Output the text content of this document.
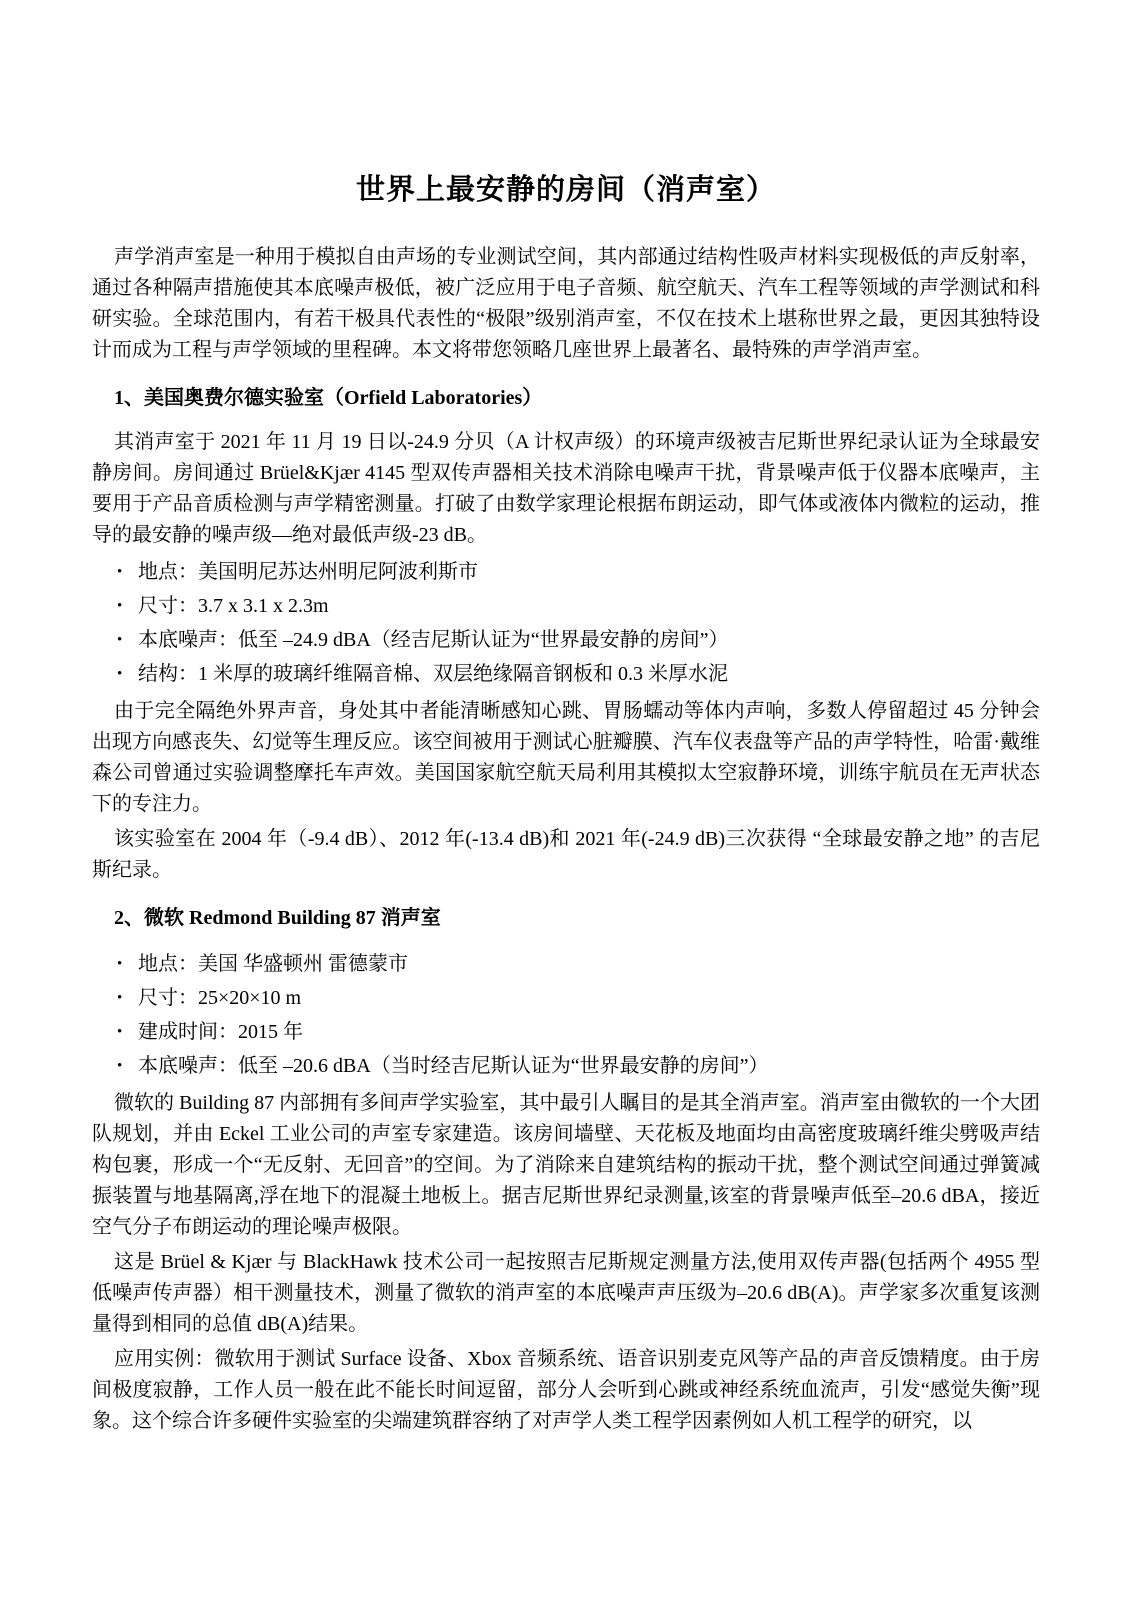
世界上最安静的房间（消声室）

声学消声室是一种用于模拟自由声场的专业测试空间，其内部通过结构性吸声材料实现极低的声反射率，通过各种隔声措施使其本底噪声极低，被广泛应用于电子音频、航空航天、汽车工程等领域的声学测试和科研实验。全球范围内，有若干极具代表性的“极限”级别消声室，不仅在技术上堪称世界之最，更因其独特设计而成为工程与声学领域的里程碑。本文将带您领略几座世界上最著名、最特殊的声学消声室。

1、美国奥费尔德实验室（Orfield Laboratories）

其消声室于 2021 年 11 月 19 日以-24.9 分贝（A 计权声级）的环境声级被吉尼斯世界纪录认证为全球最安静房间。房间通过 Brüel&Kjær 4145 型双传声器相关技术消除电噪声干扰，背景噪声低于仪器本底噪声，主要用于产品音质检测与声学精密测量。打破了由数学家理论根据布朗运动，即气体或液体内微粒的运动，推导的最安静的噪声级—绝对最低声级-23 dB。

• 地点：美国明尼苏达州明尼阿波利斯市
• 尺寸：3.7 x 3.1 x 2.3m
• 本底噪声：低至 –24.9 dBA（经吉尼斯认证为“世界最安静的房间”）
• 结构：1 米厚的玻璃纤维隔音棉、双层绝缘隔音钢板和 0.3 米厚水泥

由于完全隔绝外界声音，身处其中者能清晰感知心跳、胃肠蠕动等体内声响，多数人停留超过 45 分钟会出现方向感丧失、幻觉等生理反应。该空间被用于测试心脏瓣膜、汽车仪表盘等产品的声学特性，哈雷·戴维森公司曾通过实验调整摩托车声效。美国国家航空航天局利用其模拟太空寂静环境，训练宇航员在无声状态下的专注力。

该实验室在 2004 年（-9.4 dB）、2012 年(-13.4 dB)和 2021 年(-24.9 dB)三次获得 “全球最安静之地” 的吉尼斯纪录。

2、微软 Redmond Building 87 消声室
• 地点：美国 华盛顿州 雷德蒙市
• 尺寸：25×20×10 m
• 建成时间：2015 年
• 本底噪声：低至 –20.6 dBA（当时经吉尼斯认证为“世界最安静的房间”）

微软的 Building 87 内部拥有多间声学实验室，其中最引人瞩目的是其全消声室。消声室由微软的一个大团队规划，并由 Eckel 工业公司的声室专家建造。该房间墙壁、天花板及地面均由高密度玻璃纤维尖劈吸声结构包裹，形成一个“无反射、无回音”的空间。为了消除来自建筑结构的振动干扰，整个测试空间通过弹簧减振装置与地基隔离,浮在地下的混凝土地板上。据吉尼斯世界纪录测量,该室的背景噪声低至–20.6 dBA，接近空气分子布朗运动的理论噪声极限。

这是 Brüel & Kjær 与 BlackHawk 技术公司一起按照吉尼斯规定测量方法,使用双传声器(包括两个 4955 型低噪声传声器）相干测量技术，测量了微软的消声室的本底噪声声压级为–20.6 dB(A)。声学家多次重复该测量得到相同的总值 dB(A)结果。

应用实例：微软用于测试 Surface 设备、Xbox 音频系统、语音识别麦克风等产品的声音反馈精度。由于房间极度寂静，工作人员一般在此不能长时间逗留，部分人会听到心跳或神经系统血流声，引发“感觉失衡”现象。这个综合许多硬件实验室的尖端建筑群容纳了对声学人类工程学因素例如人机工程学的研究，以
